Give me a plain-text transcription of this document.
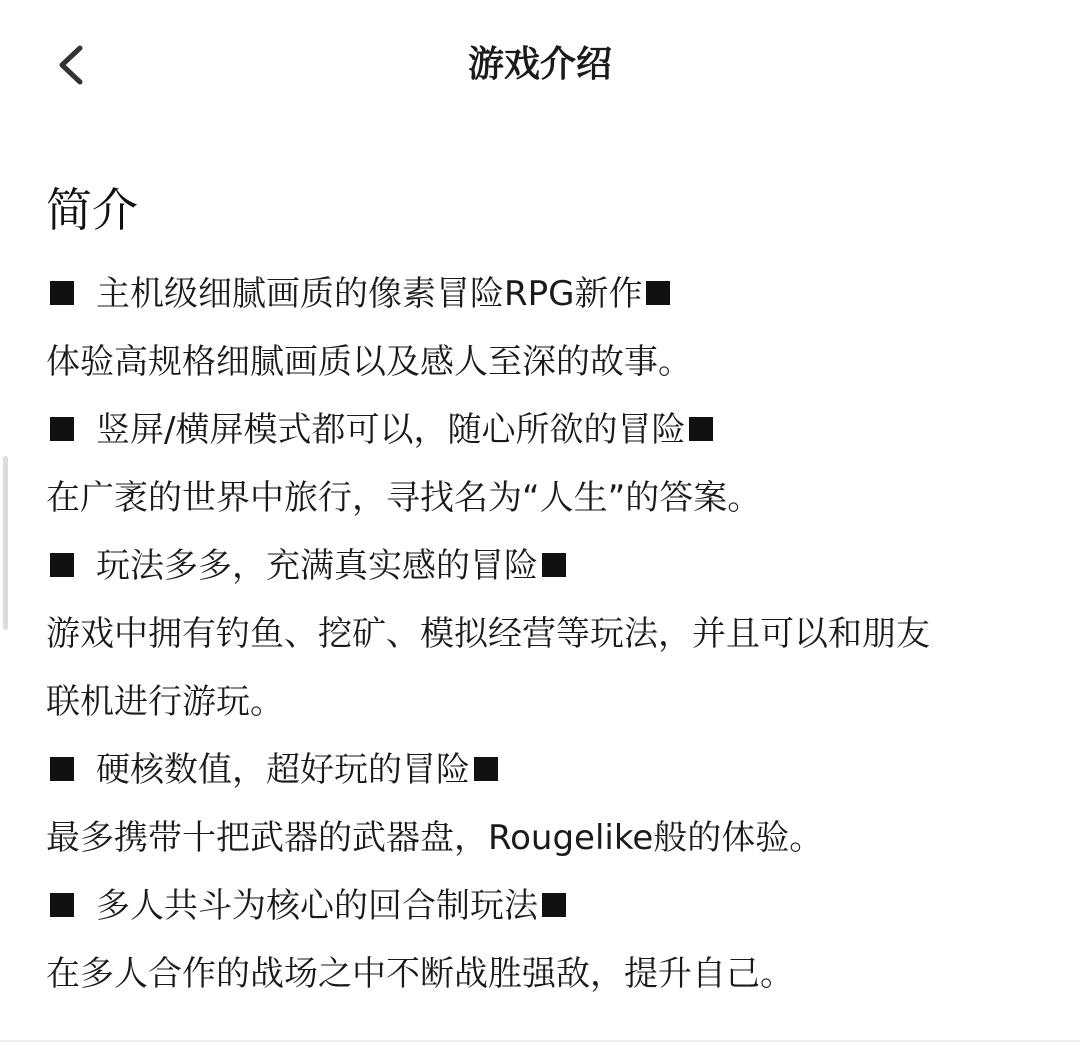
游戏介绍
简介
主机级细腻画质的像素冒险RPG新作
体验高规格细腻画质以及感人至深的故事。
竖屏/横屏模式都可以，随心所欲的冒险
在广袤的世界中旅行，寻找名为“人生”的答案。
玩法多多，充满真实感的冒险
游戏中拥有钓鱼、挖矿、模拟经营等玩法，并且可以和朋友
联机进行游玩。
硬核数值，超好玩的冒险
最多携带十把武器的武器盘，Rougelike般的体验。
多人共斗为核心的回合制玩法
在多人合作的战场之中不断战胜强敌，提升自己。
